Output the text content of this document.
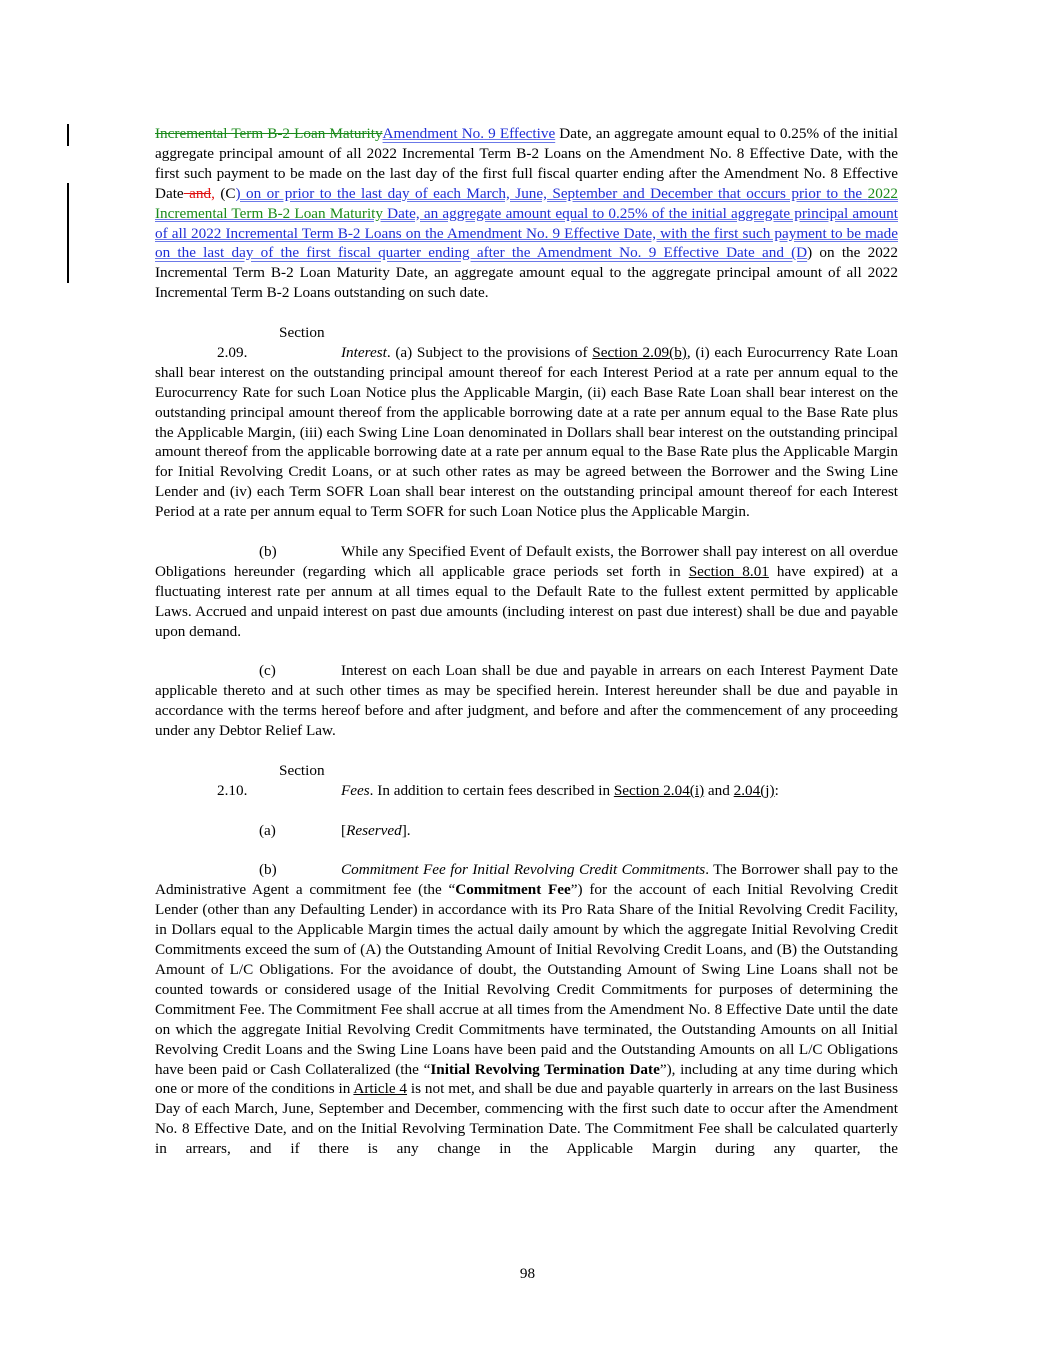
Incremental Term B-2 Loan MaturityAmendment No. 9 Effective Date, an aggregate amount equal to 0.25% of the initial aggregate principal amount of all 2022 Incremental Term B-2 Loans on the Amendment No. 8 Effective Date, with the first such payment to be made on the last day of the first full fiscal quarter ending after the Amendment No. 8 Effective Date and, (C) on or prior to the last day of each March, June, September and December that occurs prior to the 2022 Incremental Term B-2 Loan Maturity Date, an aggregate amount equal to 0.25% of the initial aggregate principal amount of all 2022 Incremental Term B-2 Loans on the Amendment No. 9 Effective Date, with the first such payment to be made on the last day of the first fiscal quarter ending after the Amendment No. 9 Effective Date and (D) on the 2022 Incremental Term B-2 Loan Maturity Date, an aggregate amount equal to the aggregate principal amount of all 2022 Incremental Term B-2 Loans outstanding on such date.

Section 2.09.	Interest. (a) Subject to the provisions of Section 2.09(b), (i) each Eurocurrency Rate Loan shall bear interest on the outstanding principal amount thereof for each Interest Period at a rate per annum equal to the Eurocurrency Rate for such Loan Notice plus the Applicable Margin, (ii) each Base Rate Loan shall bear interest on the outstanding principal amount thereof from the applicable borrowing date at a rate per annum equal to the Base Rate plus the Applicable Margin, (iii) each Swing Line Loan denominated in Dollars shall bear interest on the outstanding principal amount thereof from the applicable borrowing date at a rate per annum equal to the Base Rate plus the Applicable Margin for Initial Revolving Credit Loans, or at such other rates as may be agreed between the Borrower and the Swing Line Lender and (iv) each Term SOFR Loan shall bear interest on the outstanding principal amount thereof for each Interest Period at a rate per annum equal to Term SOFR for such Loan Notice plus the Applicable Margin.

(b)	While any Specified Event of Default exists, the Borrower shall pay interest on all overdue Obligations hereunder (regarding which all applicable grace periods set forth in Section 8.01 have expired) at a fluctuating interest rate per annum at all times equal to the Default Rate to the fullest extent permitted by applicable Laws. Accrued and unpaid interest on past due amounts (including interest on past due interest) shall be due and payable upon demand.

(c)	Interest on each Loan shall be due and payable in arrears on each Interest Payment Date applicable thereto and at such other times as may be specified herein. Interest hereunder shall be due and payable in accordance with the terms hereof before and after judgment, and before and after the commencement of any proceeding under any Debtor Relief Law.

Section 2.10.	Fees. In addition to certain fees described in Section 2.04(i) and 2.04(j):

(a)	[Reserved].

(b)	Commitment Fee for Initial Revolving Credit Commitments. The Borrower shall pay to the Administrative Agent a commitment fee (the “Commitment Fee”) for the account of each Initial Revolving Credit Lender (other than any Defaulting Lender) in accordance with its Pro Rata Share of the Initial Revolving Credit Facility, in Dollars equal to the Applicable Margin times the actual daily amount by which the aggregate Initial Revolving Credit Commitments exceed the sum of (A) the Outstanding Amount of Initial Revolving Credit Loans, and (B) the Outstanding Amount of L/C Obligations. For the avoidance of doubt, the Outstanding Amount of Swing Line Loans shall not be counted towards or considered usage of the Initial Revolving Credit Commitments for purposes of determining the Commitment Fee. The Commitment Fee shall accrue at all times from the Amendment No. 8 Effective Date until the date on which the aggregate Initial Revolving Credit Commitments have terminated, the Outstanding Amounts on all Initial Revolving Credit Loans and the Swing Line Loans have been paid and the Outstanding Amounts on all L/C Obligations have been paid or Cash Collateralized (the “Initial Revolving Termination Date”), including at any time during which one or more of the conditions in Article 4 is not met, and shall be due and payable quarterly in arrears on the last Business Day of each March, June, September and December, commencing with the first such date to occur after the Amendment No. 8 Effective Date, and on the Initial Revolving Termination Date. The Commitment Fee shall be calculated quarterly in arrears, and if there is any change in the Applicable Margin during any quarter, the

98
